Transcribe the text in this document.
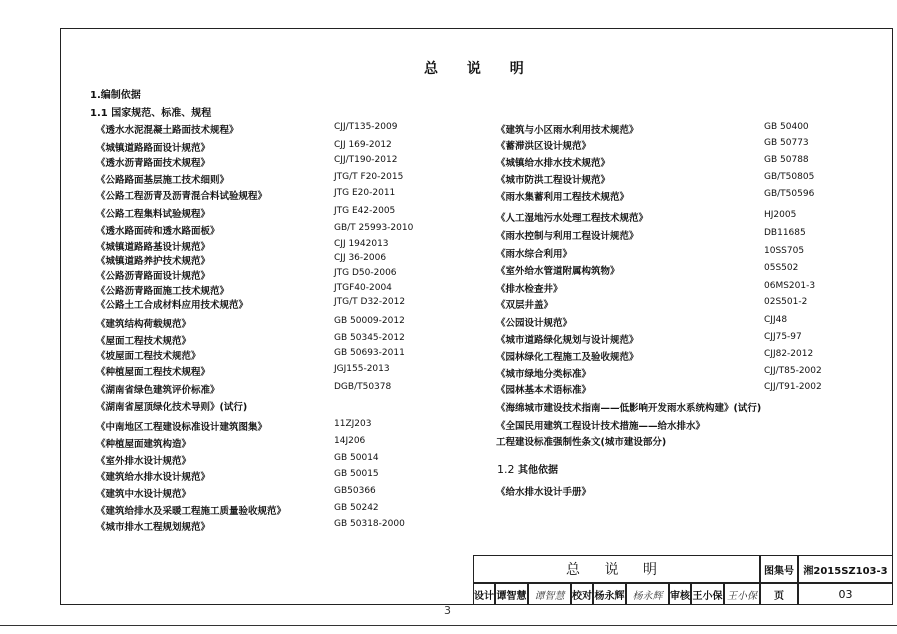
总 说 明
1.编制依据
1.1 国家规范、标准、规程
《透水水泥混凝土路面技术规程》	CJJ/T135-2009
《城镇道路路面设计规范》	CJJ 169-2012
《透水沥青路面技术规程》	CJJ/T190-2012
《公路路面基层施工技术细则》	JTG/T F20-2015
《公路工程沥青及沥青混合料试验规程》	JTG E20-2011
《公路工程集料试验规程》	JTG E42-2005
《透水路面砖和透水路面板》	GB/T 25993-2010
《城镇道路路基设计规范》	CJJ 1942013
《城镇道路养护技术规范》	CJJ 36-2006
《公路沥青路面设计规范》	JTG D50-2006
《公路沥青路面施工技术规范》	JTGF40-2004
《公路土工合成材料应用技术规范》	JTG/T D32-2012
《建筑结构荷载规范》	GB 50009-2012
《屋面工程技术规范》	GB 50345-2012
《坡屋面工程技术规范》	GB 50693-2011
《种植屋面工程技术规程》	JGJ155-2013
《湖南省绿色建筑评价标准》	DGB/T50378
《湖南省屋顶绿化技术导则》(试行)
《中南地区工程建设标准设计建筑图集》	11ZJ203
《种植屋面建筑构造》	14J206
《室外排水设计规范》	GB 50014
《建筑给水排水设计规范》	GB 50015
《建筑中水设计规范》	GB50366
《建筑给排水及采暖工程施工质量验收规范》	GB 50242
《城市排水工程规划规范》	GB 50318-2000
《建筑与小区雨水利用技术规范》	GB 50400
《蓄滞洪区设计规范》	GB 50773
《城镇给水排水技术规范》	GB 50788
《城市防洪工程设计规范》	GB/T50805
《雨水集蓄利用工程技术规范》	GB/T50596
《人工湿地污水处理工程技术规范》	HJ2005
《雨水控制与利用工程设计规范》	DB11685
《雨水综合利用》	10SS705
《室外给水管道附属构筑物》	05S502
《排水检查井》	06MS201-3
《双层井盖》	02S501-2
《公园设计规范》	CJJ48
《城市道路绿化规划与设计规范》	CJJ75-97
《园林绿化工程施工及验收规范》	CJJ82-2012
《城市绿地分类标准》	CJJ/T85-2002
《园林基本术语标准》	CJJ/T91-2002
《海绵城市建设技术指南——低影响开发雨水系统构建》(试行)
《全国民用建筑工程设计技术措施——给水排水》
工程建设标准强制性条文(城市建设部分)
1.2 其他依据
《给水排水设计手册》
总 说 明	图集号 湘2015SZ103-3
设计 谭智慧 谭智慧 校对 杨永辉 杨永辉 审核 王小保 王小保	页	03
3
